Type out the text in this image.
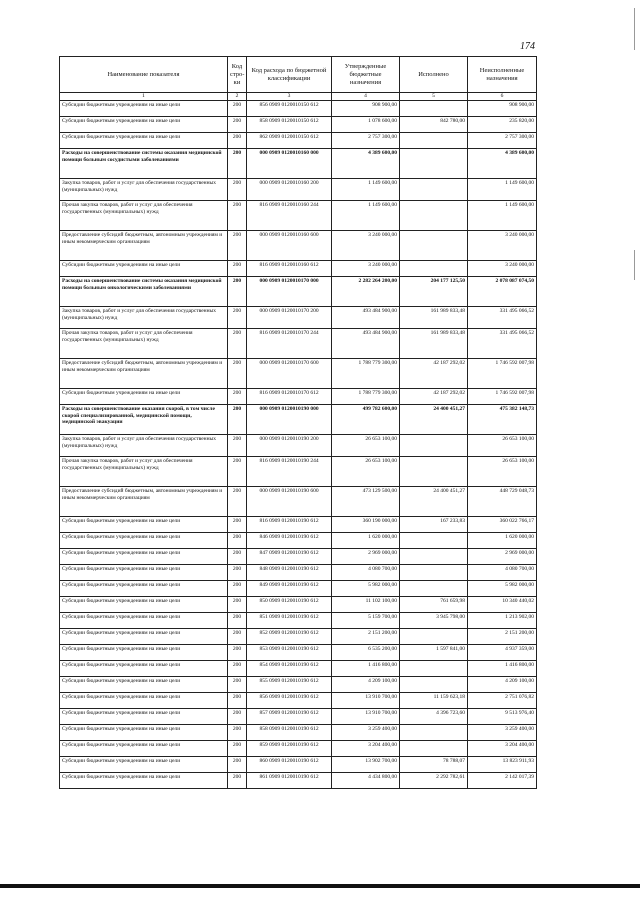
174
Наименование показателя	Код стро-ки	Код расхода по бюджетной классификации	Утвержденные бюджетные назначения	Исполнено	Неисполненные назначения
1	2	3	4	5	6
Субсидии бюджетным учреждениям на иные цели	200	856 0909 0120010150 612	908 900,00		908 900,00
Субсидии бюджетным учреждениям на иные цели	200	858 0909 0120010150 612	1 078 600,00	842 780,00	235 820,00
Субсидии бюджетным учреждениям на иные цели	200	862 0909 0120010150 612	2 757 300,00		2 757 300,00
Расходы на совершенствование системы оказания медицинской помощи больным сосудистыми заболеваниями	200	000 0909 0120010160 000	4 389 600,00		4 389 600,00
Закупка товаров, работ и услуг для обеспечения государственных (муниципальных) нужд	200	000 0909 0120010160 200	1 149 600,00		1 149 600,00
Прочая закупка товаров, работ и услуг для обеспечения государственных (муниципальных) нужд	200	816 0909 0120010160 244	1 149 600,00		1 149 600,00
Предоставление субсидий бюджетным, автономным учреждениям и иным некоммерческим организациям	200	000 0909 0120010160 600	3 240 000,00		3 240 000,00
Субсидии бюджетным учреждениям на иные цели	200	816 0909 0120010160 612	3 240 000,00		3 240 000,00
Расходы на совершенствование системы оказания медицинской помощи больным онкологическими заболеваниями	200	000 0909 0120010170 000	2 282 264 200,00	204 177 125,50	2 078 087 074,50
Закупка товаров, работ и услуг для обеспечения государственных (муниципальных) нужд	200	000 0909 0120010170 200	493 484 900,00	161 989 833,48	331 495 066,52
Прочая закупка товаров, работ и услуг для обеспечения государственных (муниципальных) нужд	200	816 0909 0120010170 244	493 484 900,00	161 989 833,48	331 495 066,52
Предоставление субсидий бюджетным, автономным учреждениям и иным некоммерческим организациям	200	000 0909 0120010170 600	1 788 779 300,00	42 187 292,02	1 746 592 007,98
Субсидии бюджетным учреждениям на иные цели	200	816 0909 0120010170 612	1 788 779 300,00	42 187 292,02	1 746 592 007,98
Расходы на совершенствование оказания скорой, в том числе скорой специализированной, медицинской помощи, медицинской эвакуации	200	000 0909 0120010190 000	499 782 600,00	24 400 451,27	475 382 148,73
Закупка товаров, работ и услуг для обеспечения государственных (муниципальных) нужд	200	000 0909 0120010190 200	26 653 100,00		26 653 100,00
Прочая закупка товаров, работ и услуг для обеспечения государственных (муниципальных) нужд	200	816 0909 0120010190 244	26 653 100,00		26 653 100,00
Предоставление субсидий бюджетным, автономным учреждениям и иным некоммерческим организациям	200	000 0909 0120010190 600	473 129 500,00	24 400 451,27	448 729 048,73
Субсидии бюджетным учреждениям на иные цели	200	816 0909 0120010190 612	360 190 000,00	167 233,83	360 022 766,17
Субсидии бюджетным учреждениям на иные цели	200	846 0909 0120010190 612	1 620 000,00		1 620 000,00
Субсидии бюджетным учреждениям на иные цели	200	847 0909 0120010190 612	2 969 000,00		2 969 000,00
Субсидии бюджетным учреждениям на иные цели	200	848 0909 0120010190 612	4 080 700,00		4 080 700,00
Субсидии бюджетным учреждениям на иные цели	200	849 0909 0120010190 612	5 982 000,00		5 982 000,00
Субсидии бюджетным учреждениям на иные цели	200	850 0909 0120010190 612	11 102 100,00	761 659,98	10 340 440,02
Субсидии бюджетным учреждениям на иные цели	200	851 0909 0120010190 612	5 159 700,00	3 945 798,00	1 213 902,00
Субсидии бюджетным учреждениям на иные цели	200	852 0909 0120010190 612	2 151 200,00		2 151 200,00
Субсидии бюджетным учреждениям на иные цели	200	853 0909 0120010190 612	6 535 200,00	1 597 841,00	4 937 359,00
Субсидии бюджетным учреждениям на иные цели	200	854 0909 0120010190 612	1 416 800,00		1 416 800,00
Субсидии бюджетным учреждениям на иные цели	200	855 0909 0120010190 612	4 209 100,00		4 209 100,00
Субсидии бюджетным учреждениям на иные цели	200	856 0909 0120010190 612	13 910 700,00	11 159 623,18	2 751 076,82
Субсидии бюджетным учреждениям на иные цели	200	857 0909 0120010190 612	13 910 700,00	4 396 723,60	9 513 976,40
Субсидии бюджетным учреждениям на иные цели	200	858 0909 0120010190 612	3 259 400,00		3 259 400,00
Субсидии бюджетным учреждениям на иные цели	200	859 0909 0120010190 612	3 204 400,00		3 204 400,00
Субсидии бюджетным учреждениям на иные цели	200	860 0909 0120010190 612	13 902 700,00	78 788,07	13 823 911,93
Субсидии бюджетным учреждениям на иные цели	200	861 0909 0120010190 612	4 434 800,00	2 292 782,61	2 142 017,39
